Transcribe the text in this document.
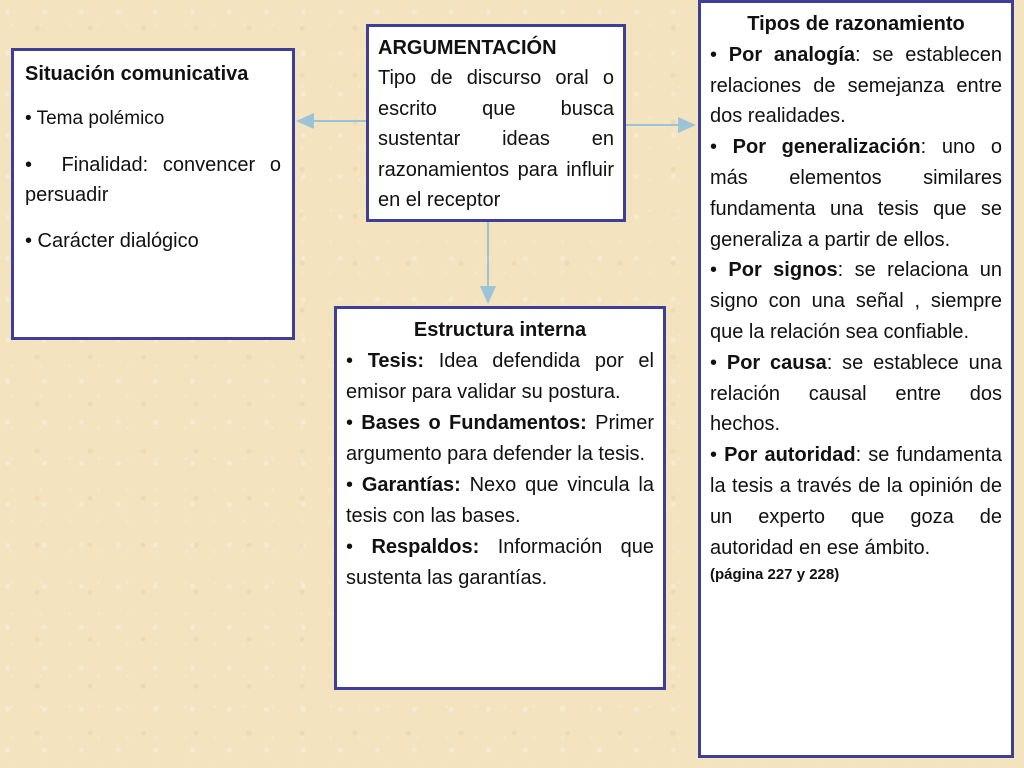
Situación comunicativa

• Tema polémico

•  Finalidad: convencer o persuadir

• Carácter dialógico

ARGUMENTACIÓN

Tipo de discurso oral o escrito que busca sustentar ideas en razonamientos para influir en el receptor

Estructura interna

• Tesis: Idea defendida por el emisor para validar su postura.

• Bases o Fundamentos: Primer argumento para defender la tesis.

• Garantías: Nexo que vincula la tesis con las bases.

• Respaldos: Información que sustenta las garantías.

Tipos de razonamiento

• Por analogía: se establecen relaciones de semejanza entre dos realidades.

• Por generalización: uno o más elementos similares fundamenta una tesis que se generaliza a partir de ellos.

• Por signos: se relaciona un signo con una señal , siempre que la relación sea confiable.

• Por causa: se establece una relación causal entre dos hechos.

• Por autoridad: se fundamenta la tesis a través de la opinión de un experto que goza de autoridad en ese ámbito.

(página 227 y 228)
